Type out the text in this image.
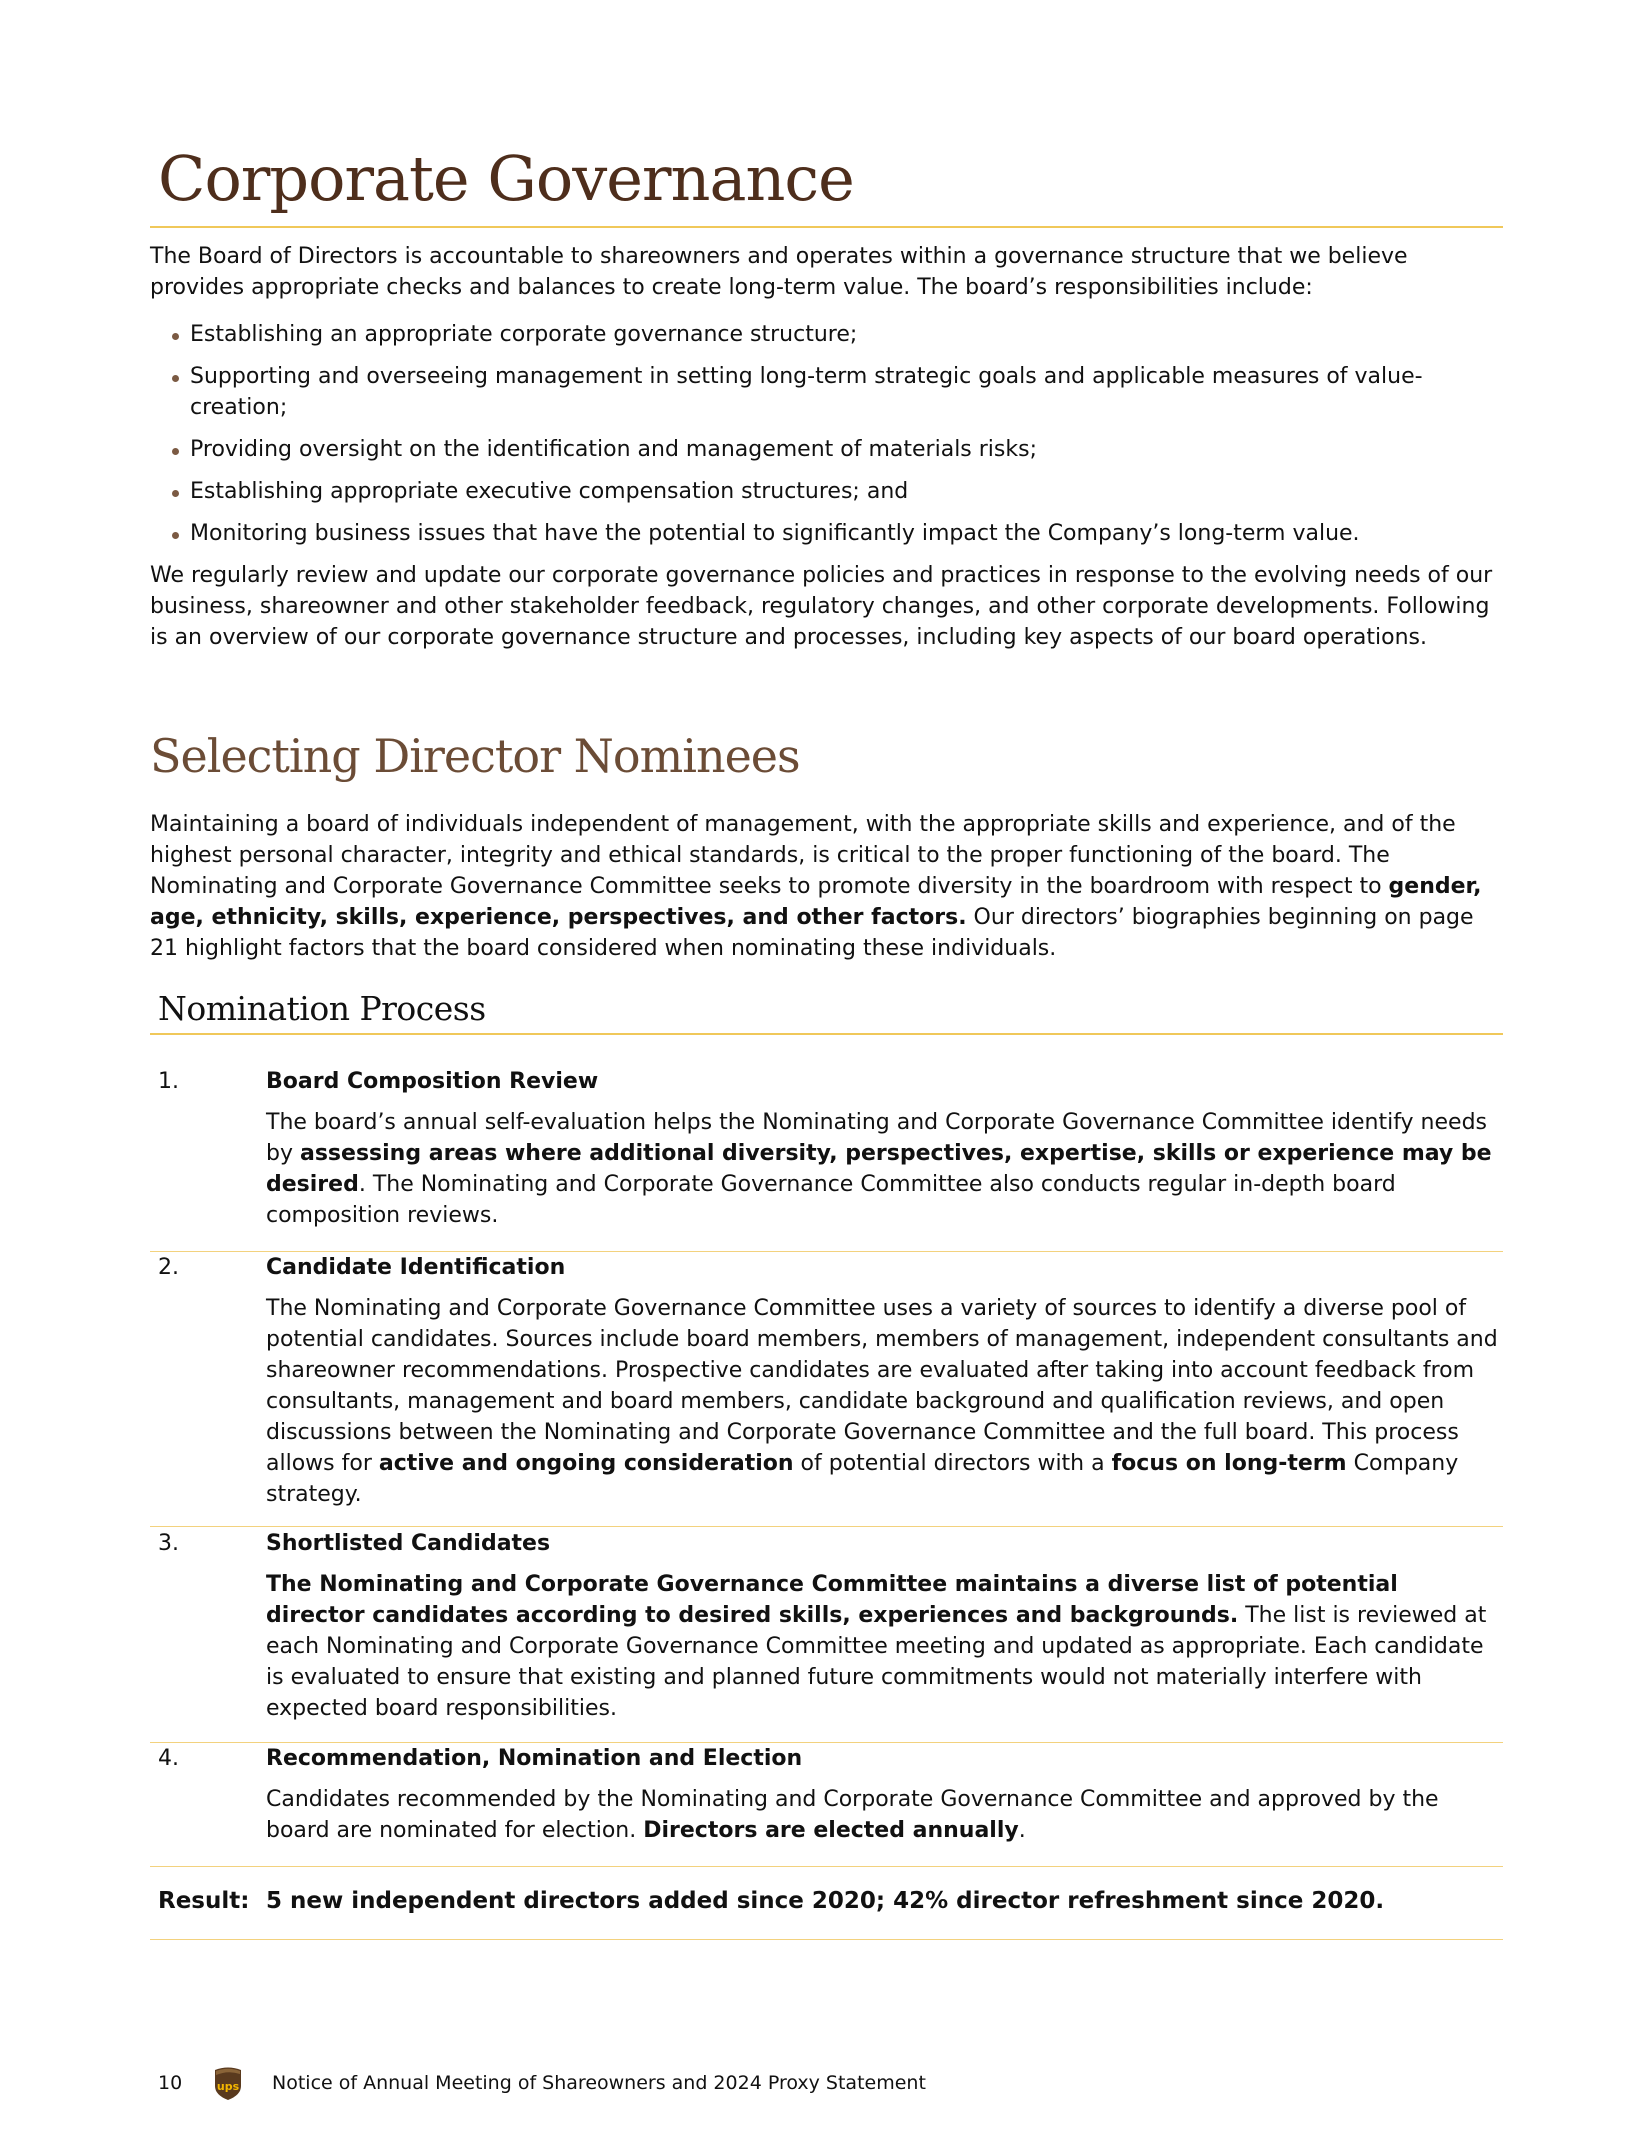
Corporate Governance

The Board of Directors is accountable to shareowners and operates within a governance structure that we believe provides appropriate checks and balances to create long-term value. The board’s responsibilities include:

Establishing an appropriate corporate governance structure;
Supporting and overseeing management in setting long-term strategic goals and applicable measures of value-creation;
Providing oversight on the identification and management of materials risks;
Establishing appropriate executive compensation structures; and
Monitoring business issues that have the potential to significantly impact the Company’s long-term value.

We regularly review and update our corporate governance policies and practices in response to the evolving needs of our business, shareowner and other stakeholder feedback, regulatory changes, and other corporate developments. Following is an overview of our corporate governance structure and processes, including key aspects of our board operations.

Selecting Director Nominees

Maintaining a board of individuals independent of management, with the appropriate skills and experience, and of the highest personal character, integrity and ethical standards, is critical to the proper functioning of the board. The Nominating and Corporate Governance Committee seeks to promote diversity in the boardroom with respect to gender, age, ethnicity, skills, experience, perspectives, and other factors. Our directors’ biographies beginning on page 21 highlight factors that the board considered when nominating these individuals.

Nomination Process
1.	Board Composition Review

The board’s annual self-evaluation helps the Nominating and Corporate Governance Committee identify needs by assessing areas where additional diversity, perspectives, expertise, skills or experience may be desired. The Nominating and Corporate Governance Committee also conducts regular in-depth board composition reviews.

2.	Candidate Identification

The Nominating and Corporate Governance Committee uses a variety of sources to identify a diverse pool of potential candidates. Sources include board members, members of management, independent consultants and shareowner recommendations. Prospective candidates are evaluated after taking into account feedback from consultants, management and board members, candidate background and qualification reviews, and open discussions between the Nominating and Corporate Governance Committee and the full board. This process allows for active and ongoing consideration of potential directors with a focus on long-term Company strategy.

3.	Shortlisted Candidates

The Nominating and Corporate Governance Committee maintains a diverse list of potential director candidates according to desired skills, experiences and backgrounds. The list is reviewed at each Nominating and Corporate Governance Committee meeting and updated as appropriate. Each candidate is evaluated to ensure that existing and planned future commitments would not materially interfere with expected board responsibilities.

4.	Recommendation, Nomination and Election

Candidates recommended by the Nominating and Corporate Governance Committee and approved by the board are nominated for election. Directors are elected annually.

Result: 5 new independent directors added since 2020; 42% director refreshment since 2020.
10	ups Notice of Annual Meeting of Shareowners and 2024 Proxy Statement
